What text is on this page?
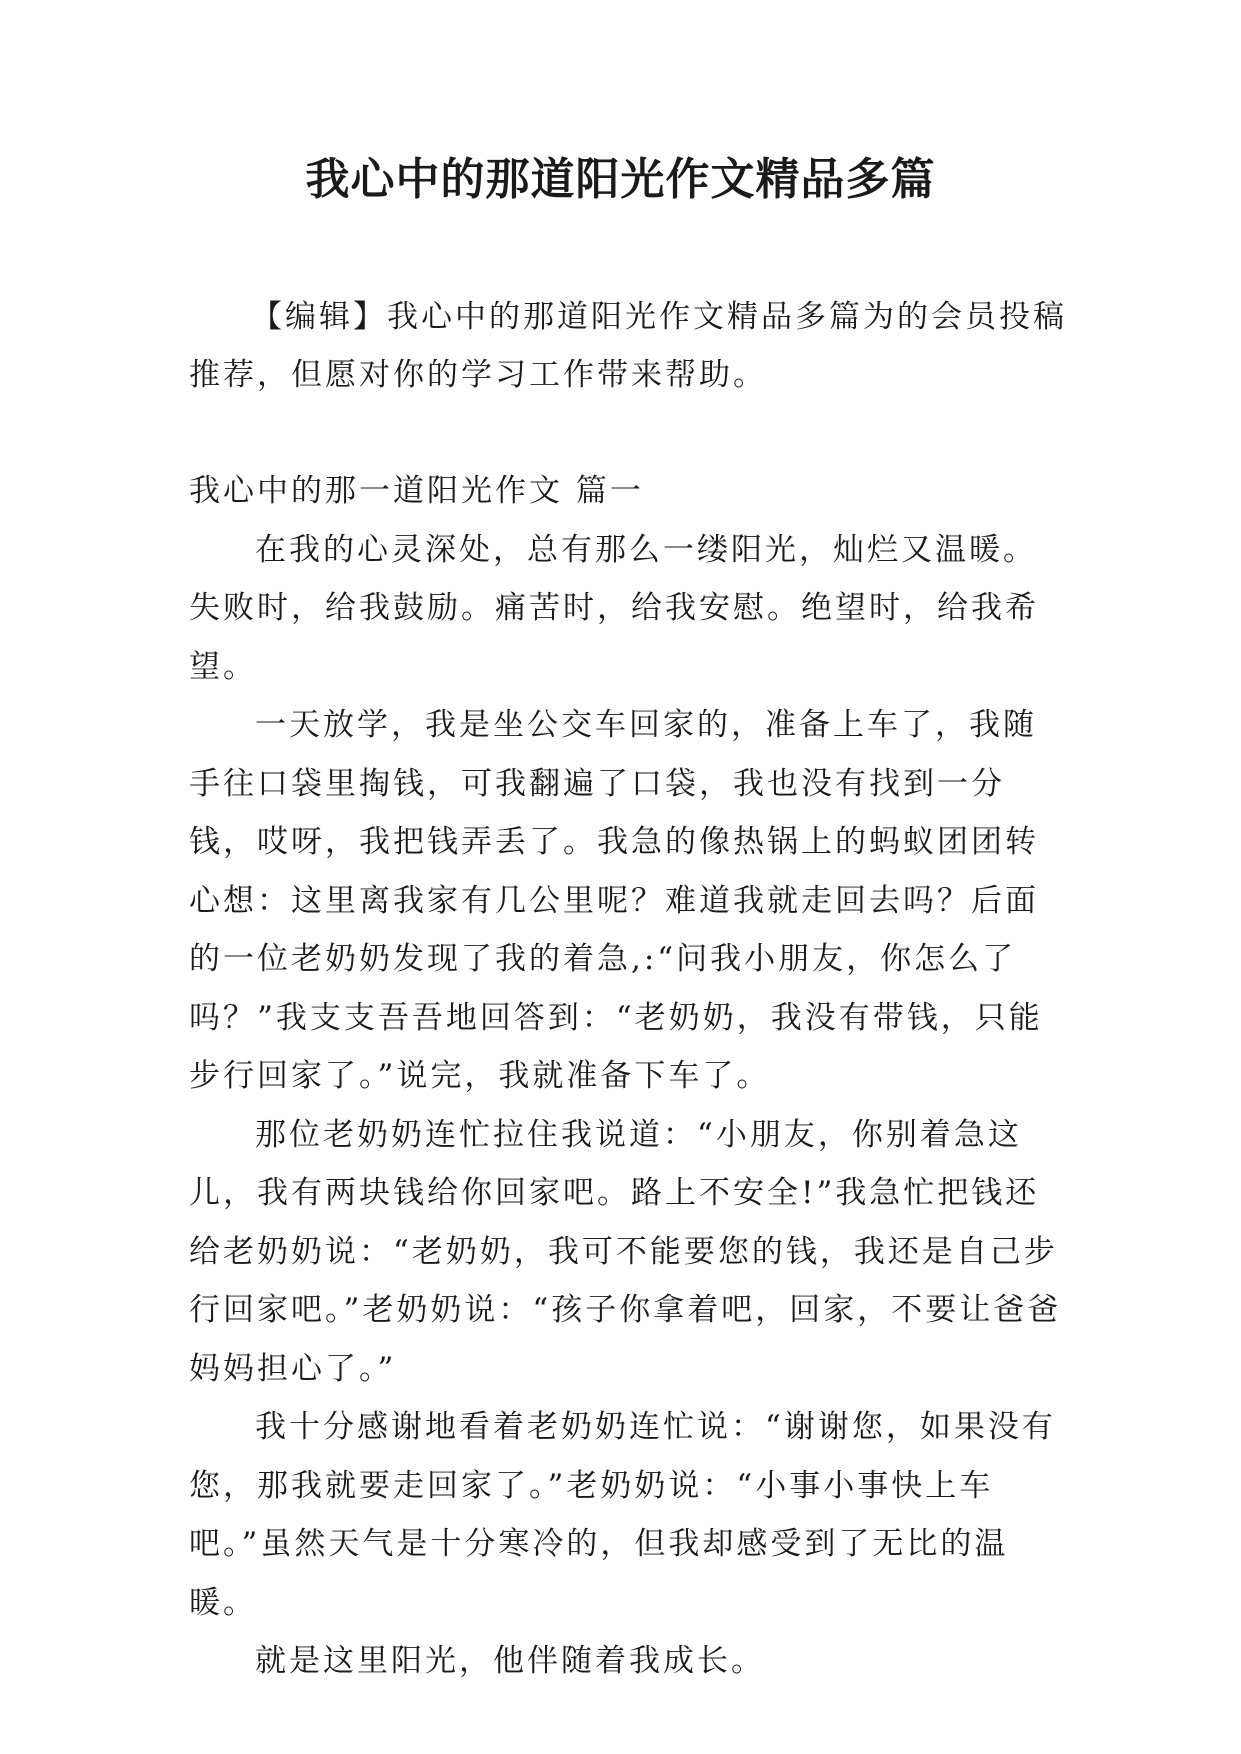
我心中的那道阳光作文精品多篇

【编辑】我心中的那道阳光作文精品多篇为的会员投稿推荐，但愿对你的学习工作带来帮助。

我心中的那一道阳光作文 篇一

在我的心灵深处，总有那么一缕阳光，灿烂又温暖。失败时，给我鼓励。痛苦时，给我安慰。绝望时，给我希望。

一天放学，我是坐公交车回家的，准备上车了，我随手往口袋里掏钱，可我翻遍了口袋，我也没有找到一分钱，哎呀，我把钱弄丢了。我急的像热锅上的蚂蚁团团转心想：这里离我家有几公里呢？难道我就走回去吗？后面的一位老奶奶发现了我的着急,:“问我小朋友，你怎么了吗？”我支支吾吾地回答到：“老奶奶，我没有带钱，只能步行回家了。”说完，我就准备下车了。

那位老奶奶连忙拉住我说道：“小朋友，你别着急这儿，我有两块钱给你回家吧。路上不安全!”我急忙把钱还给老奶奶说：“老奶奶，我可不能要您的钱，我还是自己步行回家吧。”老奶奶说：“孩子你拿着吧，回家，不要让爸爸妈妈担心了。”

我十分感谢地看着老奶奶连忙说：“谢谢您，如果没有您，那我就要走回家了。”老奶奶说：“小事小事快上车吧。”虽然天气是十分寒冷的，但我却感受到了无比的温暖。

就是这里阳光，他伴随着我成长。
